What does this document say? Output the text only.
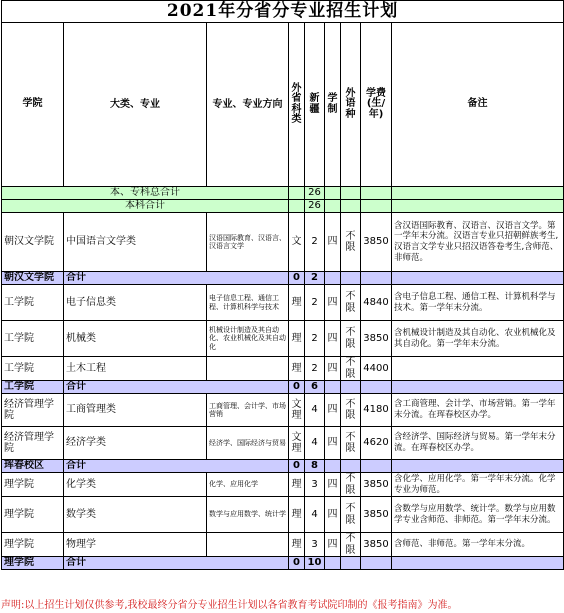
2021年分省分专业招生计划								
学院	大类、专业	专业、专业方向	外省科类	新疆	学制	外语种	学费(生/年)	备注
本、专科总合计				26				
本科合计				26				
朝汉文学院	中国语言文学类	汉语国际教育、汉语言、汉语言文学	文	2	四	不限	3850	含汉语国际教育、汉语言、汉语言文学。第一学年末分流。汉语言专业只招朝鲜族考生,汉语言文学专业只招汉语答卷考生,含师范、非师范。
朝汉文学院	合计		0	2				
工学院	电子信息类	电子信息工程、通信工程、计算机科学与技术	理	2	四	不限	4840	含电子信息工程、通信工程、计算机科学与技术。第一学年末分流。
工学院	机械类	机械设计制造及其自动化、农业机械化及其自动化	理	2	四	不限	3850	含机械设计制造及其自动化、农业机械化及其自动化。第一学年末分流。
工学院	土木工程		理	2	四	不限	4400	
工学院	合计		0	6				
经济管理学院	工商管理类	工商管理、会计学、市场营销	文理	4	四	不限	4180	含工商管理、会计学、市场营销。第一学年末分流。在珲春校区办学。
经济管理学院	经济学类	经济学、国际经济与贸易	文理	4	四	不限	4620	含经济学、国际经济与贸易。第一学年末分流。在珲春校区办学。
珲春校区	合计		0	8				
理学院	化学类	化学、应用化学	理	3	四	不限	3850	含化学、应用化学。第一学年末分流。化学专业为师范。
理学院	数学类	数学与应用数学、统计学	理	4	四	不限	3850	含数学与应用数学、统计学。数学与应用数学专业含师范、非师范。第一学年末分流。
理学院	物理学		理	3	四	不限	3850	含师范、非师范。第一学年末分流。
理学院	合计		0	10				
声明:以上招生计划仅供参考,我校最终分省分专业招生计划以各省教育考试院印制的《报考指南》为准。
